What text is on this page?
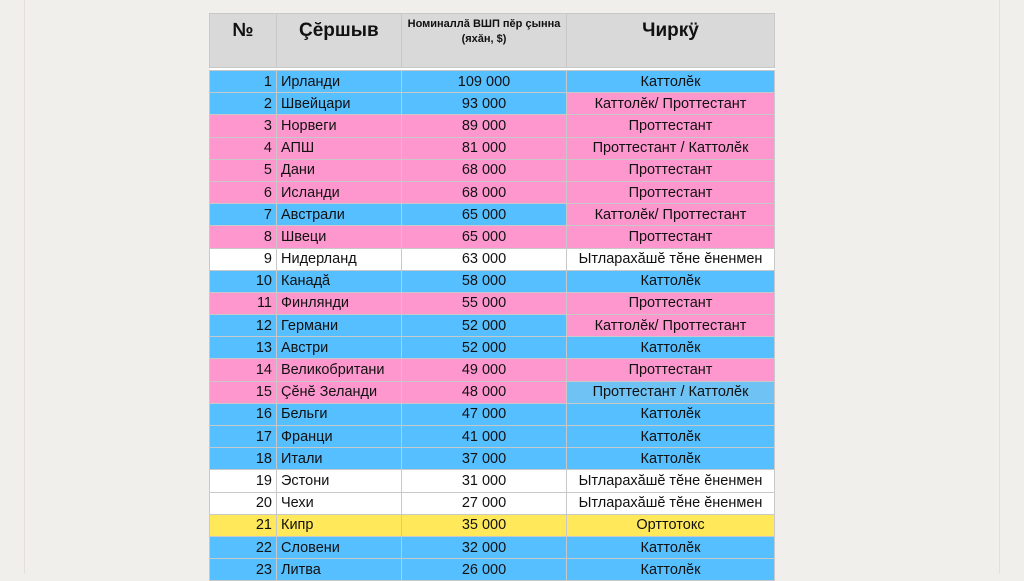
№	Çĕршыв	Номиналлă ВШП пĕр çынна (яхăн, $)	Чиркÿ

1	Ирланди	109 000	Каттолĕк
2	Швейцари	93 000	Каттолĕк/ Проттестант
3	Норвеги	89 000	Проттестант
4	АПШ	81 000	Проттестант / Каттолĕк
5	Дани	68 000	Проттестант
6	Исланди	68 000	Проттестант
7	Австрали	65 000	Каттолĕк/ Проттестант
8	Швеци	65 000	Проттестант
9	Нидерланд	63 000	Ытларахăшĕ тĕне ĕненмен
10	Канадă	58 000	Каттолĕк
11	Финлянди	55 000	Проттестант
12	Германи	52 000	Каттолĕк/ Проттестант
13	Австри	52 000	Каттолĕк
14	Великобритани	49 000	Проттестант
15	Çĕнĕ Зеланди	48 000	Проттестант / Каттолĕк
16	Бельги	47 000	Каттолĕк
17	Франци	41 000	Каттолĕк
18	Итали	37 000	Каттолĕк
19	Эстони	31 000	Ытларахăшĕ тĕне ĕненмен
20	Чехи	27 000	Ытларахăшĕ тĕне ĕненмен
21	Кипр	35 000	Орттотокс
22	Словени	32 000	Каттолĕк
23	Литва	26 000	Каттолĕк
